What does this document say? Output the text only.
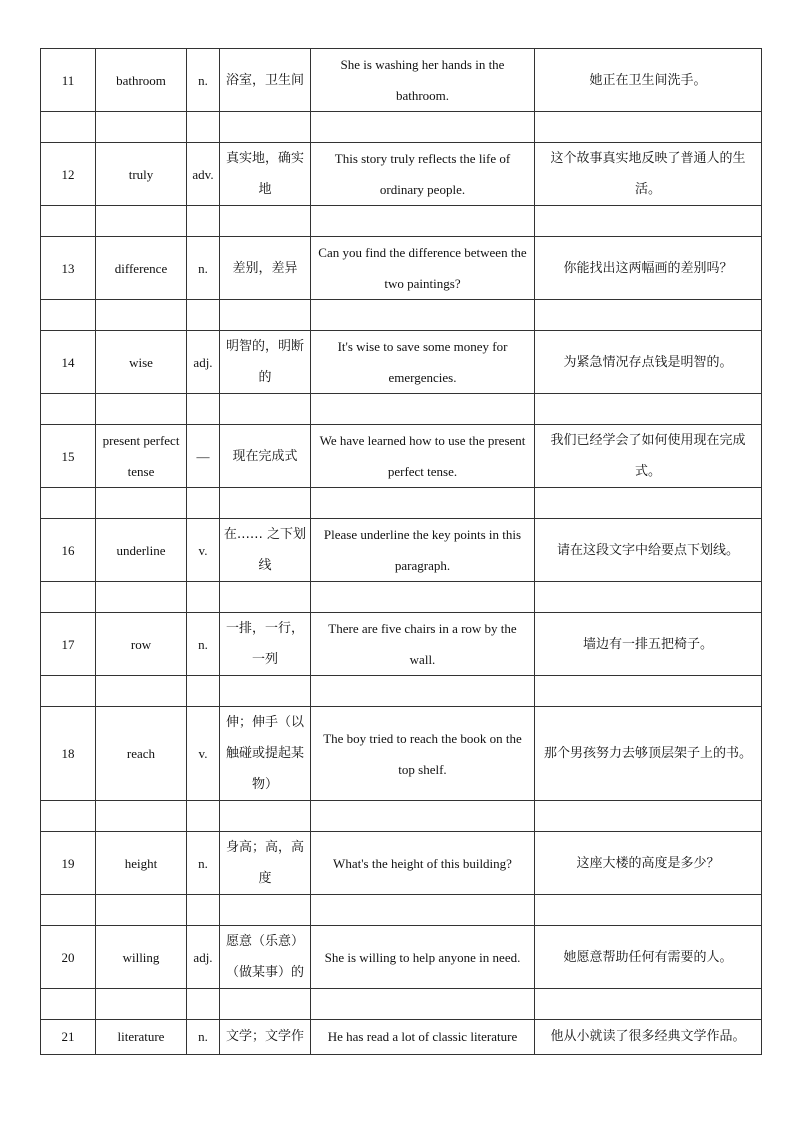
11	bathroom	n.	浴室，卫生间	She is washing her hands in the bathroom.	她正在卫生间洗手。

12	truly	adv.	真实地，确实地	This story truly reflects the life of ordinary people.	这个故事真实地反映了普通人的生活。

13	difference	n.	差别，差异	Can you find the difference between the two paintings?	你能找出这两幅画的差别吗？

14	wise	adj.	明智的，明断的	It's wise to save some money for emergencies.	为紧急情况存点钱是明智的。

15	present perfect tense	—	现在完成式	We have learned how to use the present perfect tense.	我们已经学会了如何使用现在完成式。

16	underline	v.	在…… 之下划线	Please underline the key points in this paragraph.	请在这段文字中给要点下划线。

17	row	n.	一排，一行，一列	There are five chairs in a row by the wall.	墙边有一排五把椅子。

18	reach	v.	伸；伸手（以触碰或提起某物）	The boy tried to reach the book on the top shelf.	那个男孩努力去够顶层架子上的书。

19	height	n.	身高；高，高度	What's the height of this building?	这座大楼的高度是多少？

20	willing	adj.	愿意（乐意）（做某事）的	She is willing to help anyone in need.	她愿意帮助任何有需要的人。

21	literature	n.	文学；文学作	He has read a lot of classic literature	他从小就读了很多经典文学作品。
